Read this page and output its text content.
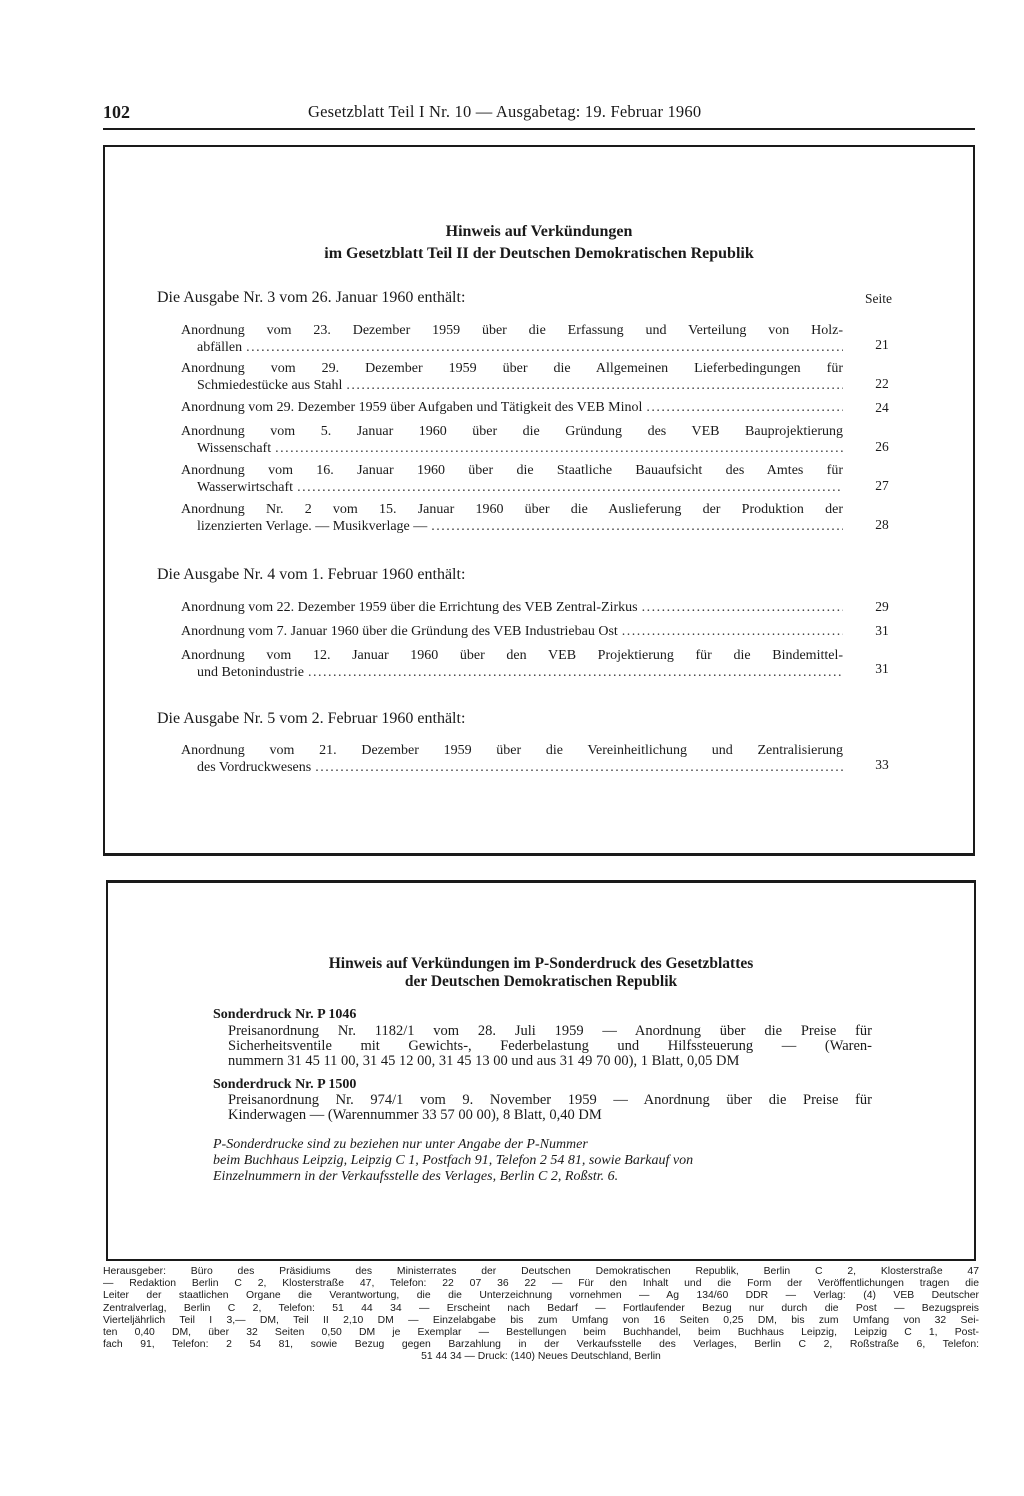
102	Gesetzblatt Teil I Nr. 10 — Ausgabetag: 19. Februar 1960
Hinweis auf Verkündungen
im Gesetzblatt Teil II der Deutschen Demokratischen Republik
Die Ausgabe Nr. 3 vom 26. Januar 1960 enthält:	Seite
Anordnung vom 23. Dezember 1959 über die Erfassung und Verteilung von Holz-
abfällen .....	21
Anordnung vom 29. Dezember 1959 über die Allgemeinen Lieferbedingungen für
Schmiedestücke aus Stahl .....	22
Anordnung vom 29. Dezember 1959 über Aufgaben und Tätigkeit des VEB Minol .....	24
Anordnung vom 5. Januar 1960 über die Gründung des VEB Bauprojektierung
Wissenschaft .....	26
Anordnung vom 16. Januar 1960 über die Staatliche Bauaufsicht des Amtes für
Wasserwirtschaft .....	27
Anordnung Nr. 2 vom 15. Januar 1960 über die Auslieferung der Produktion der
lizenzierten Verlage. — Musikverlage — .....	28
Die Ausgabe Nr. 4 vom 1. Februar 1960 enthält:
Anordnung vom 22. Dezember 1959 über die Errichtung des VEB Zentral-Zirkus .....	29
Anordnung vom 7. Januar 1960 über die Gründung des VEB Industriebau Ost .....	31
Anordnung vom 12. Januar 1960 über den VEB Projektierung für die Bindemittel-
und Betonindustrie .....	31
Die Ausgabe Nr. 5 vom 2. Februar 1960 enthält:
Anordnung vom 21. Dezember 1959 über die Vereinheitlichung und Zentralisierung
des Vordruckwesens .....	33
Hinweis auf Verkündungen im P-Sonderdruck des Gesetzblattes
der Deutschen Demokratischen Republik
Sonderdruck Nr. P 1046
Preisanordnung Nr. 1182/1 vom 28. Juli 1959 — Anordnung über die Preise für
Sicherheitsventile mit Gewichts-, Federbelastung und Hilfssteuerung — (Waren-
nummern 31 45 11 00, 31 45 12 00, 31 45 13 00 und aus 31 49 70 00), 1 Blatt, 0,05 DM
Sonderdruck Nr. P 1500
Preisanordnung Nr. 974/1 vom 9. November 1959 — Anordnung über die Preise für
Kinderwagen — (Warennummer 33 57 00 00), 8 Blatt, 0,40 DM
P-Sonderdrucke sind zu beziehen nur unter Angabe der P-Nummer
beim Buchhaus Leipzig, Leipzig C 1, Postfach 91, Telefon 2 54 81, sowie Barkauf von
Einzelnummern in der Verkaufsstelle des Verlages, Berlin C 2, Roßstr. 6.
Herausgeber: Büro des Präsidiums des Ministerrates der Deutschen Demokratischen Republik, Berlin C 2, Klosterstraße 47
— Redaktion Berlin C 2, Klosterstraße 47, Telefon: 22 07 36 22 — Für den Inhalt und die Form der Veröffentlichungen tragen die
Leiter der staatlichen Organe die Verantwortung, die die Unterzeichnung vornehmen — Ag 134/60 DDR — Verlag: (4) VEB Deutscher
Zentralverlag, Berlin C 2, Telefon: 51 44 34 — Erscheint nach Bedarf — Fortlaufender Bezug nur durch die Post — Bezugspreis
Vierteljährlich Teil I 3,— DM, Teil II 2,10 DM — Einzelabgabe bis zum Umfang von 16 Seiten 0,25 DM, bis zum Umfang von 32 Sei-
ten 0,40 DM, über 32 Seiten 0,50 DM je Exemplar — Bestellungen beim Buchhandel, beim Buchhaus Leipzig, Leipzig C 1, Post-
fach 91, Telefon: 2 54 81, sowie Bezug gegen Barzahlung in der Verkaufsstelle des Verlages, Berlin C 2, Roßstraße 6, Telefon:
51 44 34 — Druck: (140) Neues Deutschland, Berlin
